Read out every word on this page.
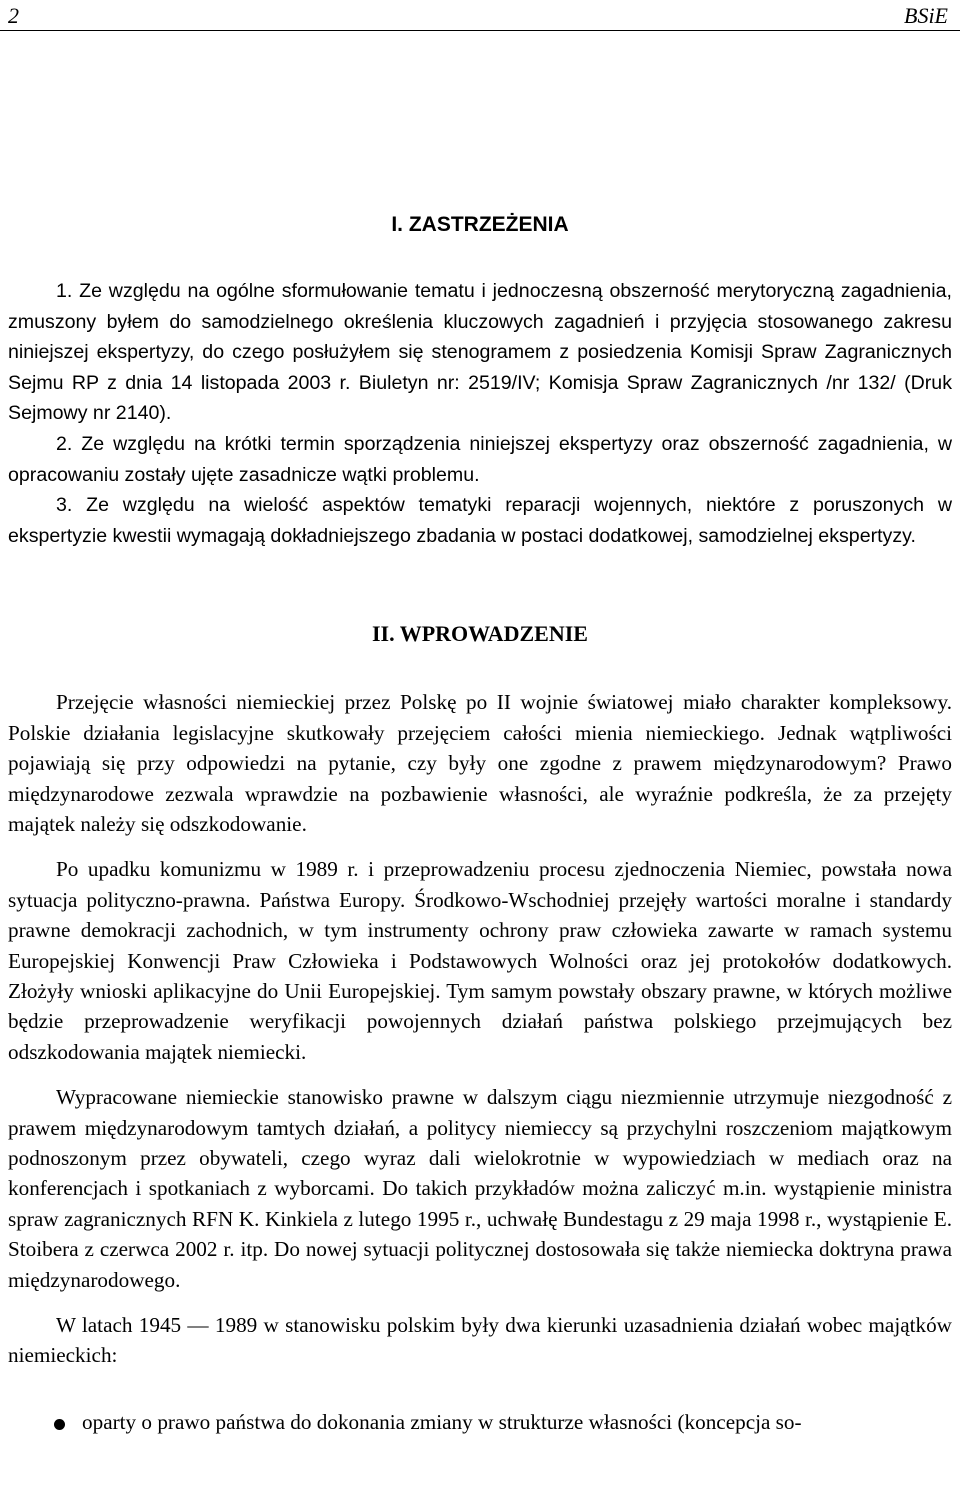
2	BSiE
I. ZASTRZEŻENIA

1. Ze względu na ogólne sformułowanie tematu i jednoczesną obszerność merytoryczną zagadnienia, zmuszony byłem do samodzielnego określenia kluczowych zagadnień i przyjęcia stosowanego zakresu niniejszej ekspertyzy, do czego posłużyłem się stenogramem z posiedzenia Komisji Spraw Zagranicznych Sejmu RP z dnia 14 listopada 2003 r. Biuletyn nr: 2519/IV; Komisja Spraw Zagranicznych /nr 132/ (Druk Sejmowy nr 2140).

2. Ze względu na krótki termin sporządzenia niniejszej ekspertyzy oraz obszerność zagadnienia, w opracowaniu zostały ujęte zasadnicze wątki problemu.

3. Ze względu na wielość aspektów tematyki reparacji wojennych, niektóre z poruszonych w ekspertyzie kwestii wymagają dokładniejszego zbadania w postaci dodatkowej, samodzielnej ekspertyzy.

II. WPROWADZENIE

Przejęcie własności niemieckiej przez Polskę po II wojnie światowej miało charakter kompleksowy. Polskie działania legislacyjne skutkowały przejęciem całości mienia niemieckiego. Jednak wątpliwości pojawiają się przy odpowiedzi na pytanie, czy były one zgodne z prawem międzynarodowym? Prawo międzynarodowe zezwala wprawdzie na pozbawienie własności, ale wyraźnie podkreśla, że za przejęty majątek należy się odszkodowanie.

Po upadku komunizmu w 1989 r. i przeprowadzeniu procesu zjednoczenia Niemiec, powstała nowa sytuacja polityczno-prawna. Państwa Europy. Środkowo-Wschodniej przejęły wartości moralne i standardy prawne demokracji zachodnich, w tym instrumenty ochrony praw człowieka zawarte w ramach systemu Europejskiej Konwencji Praw Człowieka i Podstawowych Wolności oraz jej protokołów dodatkowych. Złożyły wnioski aplikacyjne do Unii Europejskiej. Tym samym powstały obszary prawne, w których możliwe będzie przeprowadzenie weryfikacji powojennych działań państwa polskiego przejmujących bez odszkodowania majątek niemiecki.

Wypracowane niemieckie stanowisko prawne w dalszym ciągu niezmiennie utrzymuje niezgodność z prawem międzynarodowym tamtych działań, a politycy niemieccy są przychylni roszczeniom majątkowym podnoszonym przez obywateli, czego wyraz dali wielokrotnie w wypowiedziach w mediach oraz na konferencjach i spotkaniach z wyborcami. Do takich przykładów można zaliczyć m.in. wystąpienie ministra spraw zagranicznych RFN K. Kinkiela z lutego 1995 r., uchwałę Bundestagu z 29 maja 1998 r., wystąpienie E. Stoibera z czerwca 2002 r. itp. Do nowej sytuacji politycznej dostosowała się także niemiecka doktryna prawa międzynarodowego.

W latach 1945 — 1989 w stanowisku polskim były dwa kierunki uzasadnienia działań wobec majątków niemieckich:

oparty o prawo państwa do dokonania zmiany w strukturze własności (koncepcja so-
